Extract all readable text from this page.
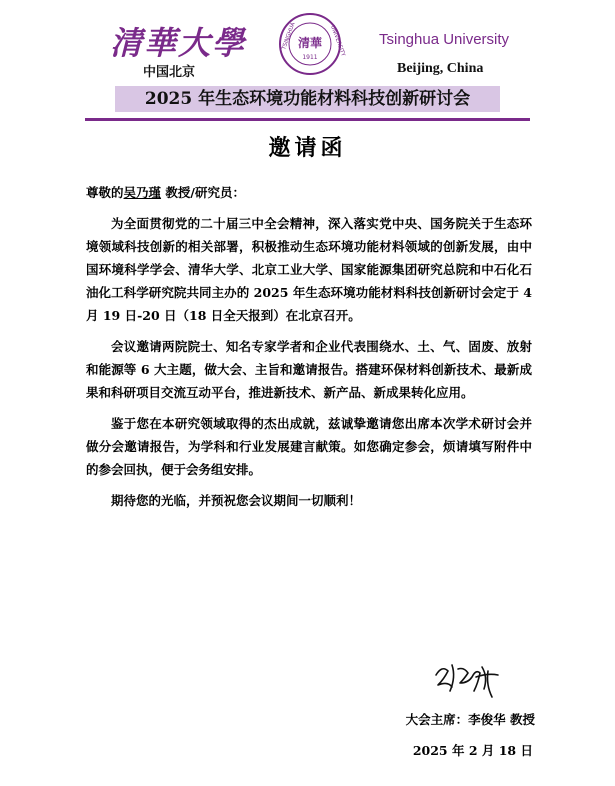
清華大學
中国北京
TSINGHUA	UNIVERSITY
清華
1911
Tsinghua University
Beijing, China
2025 年生态环境功能材料科技创新研讨会
邀请函
尊敬的吴乃瑾 教授/研究员：

为全面贯彻党的二十届三中全会精神，深入落实党中央、国务院关于生态环境领域科技创新的相关部署，积极推动生态环境功能材料领域的创新发展，由中国环境科学学会、清华大学、北京工业大学、国家能源集团研究总院和中石化石油化工科学研究院共同主办的 2025 年生态环境功能材料科技创新研讨会定于 4 月 19 日-20 日（18 日全天报到）在北京召开。

会议邀请两院院士、知名专家学者和企业代表围绕水、土、气、固废、放射和能源等 6 大主题，做大会、主旨和邀请报告。搭建环保材料创新技术、最新成果和科研项目交流互动平台，推进新技术、新产品、新成果转化应用。

鉴于您在本研究领域取得的杰出成就，兹诚挚邀请您出席本次学术研讨会并做分会邀请报告，为学科和行业发展建言献策。如您确定参会，烦请填写附件中的参会回执，便于会务组安排。

期待您的光临，并预祝您会议期间一切顺利！

大会主席：李俊华 教授
2025 年 2 月 18 日
